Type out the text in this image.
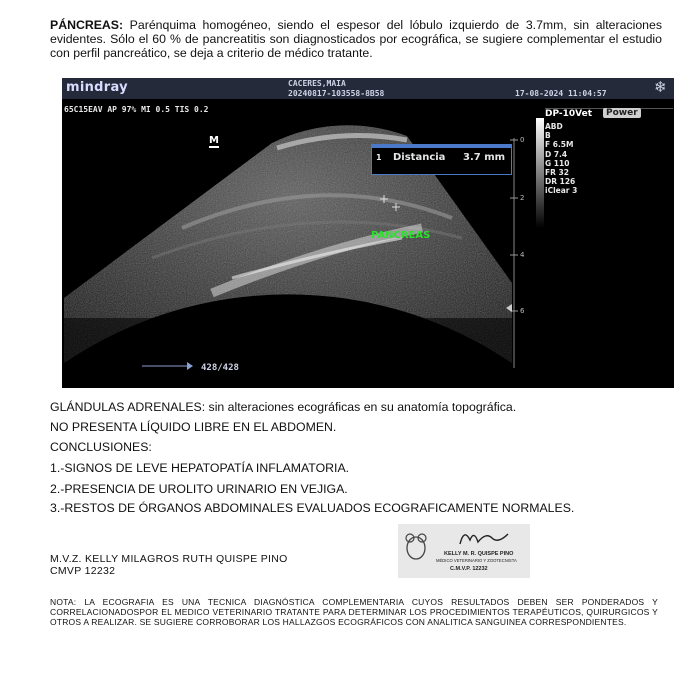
PÁNCREAS: Parénquima homogéneo, siendo el espesor del lóbulo izquierdo de 3.7mm, sin alteraciones evidentes. Sólo el 60 % de pancreatitis son diagnosticados por ecográfica, se sugiere complementar el estudio con perfil pancreático, se deja a criterio de médico tratante.
mindray	CACERES,MAIA
20240817-103558-8B58	17-08-2024 11:04:57	❄
65C15EAV AP 97% MI 0.5 TIS 0.2
M
1 Distancia 3.7 mm
PANCREAS
0
2
4
6
DP-10Vet	Power
ABD
B
F 6.5M
D 7.4
G 110
FR 32
DR 126
iClear 3
428/428
GLÁNDULAS ADRENALES: sin alteraciones ecográficas en su anatomía topográfica.
NO PRESENTA LÍQUIDO LIBRE EN EL ABDOMEN.
CONCLUSIONES:
1.-SIGNOS DE LEVE HEPATOPATÍA INFLAMATORIA.
2.-PRESENCIA DE UROLITO URINARIO EN VEJIGA.
3.-RESTOS DE ÓRGANOS ABDOMINALES EVALUADOS ECOGRAFICAMENTE NORMALES.
M.V.Z. KELLY MILAGROS RUTH QUISPE PINO
CMVP 12232
KELLY M. R. QUISPE PINO
MÉDICO VETERINARIO Y ZOOTECNISTA
C.M.V.P. 12232
NOTA: LA ECOGRAFIA ES UNA TECNICA DIAGNÓSTICA COMPLEMENTARIA CUYOS RESULTADOS DEBEN SER PONDERADOS Y CORRELACIONADOSPOR EL MEDICO VETERINARIO TRATANTE PARA DETERMINAR LOS PROCEDIMIENTOS TERAPÉUTICOS, QUIRURGICOS Y OTROS A REALIZAR. SE SUGIERE CORROBORAR LOS HALLAZGOS ECOGRÁFICOS CON ANALITICA SANGUINEA CORRESPONDIENTES.
